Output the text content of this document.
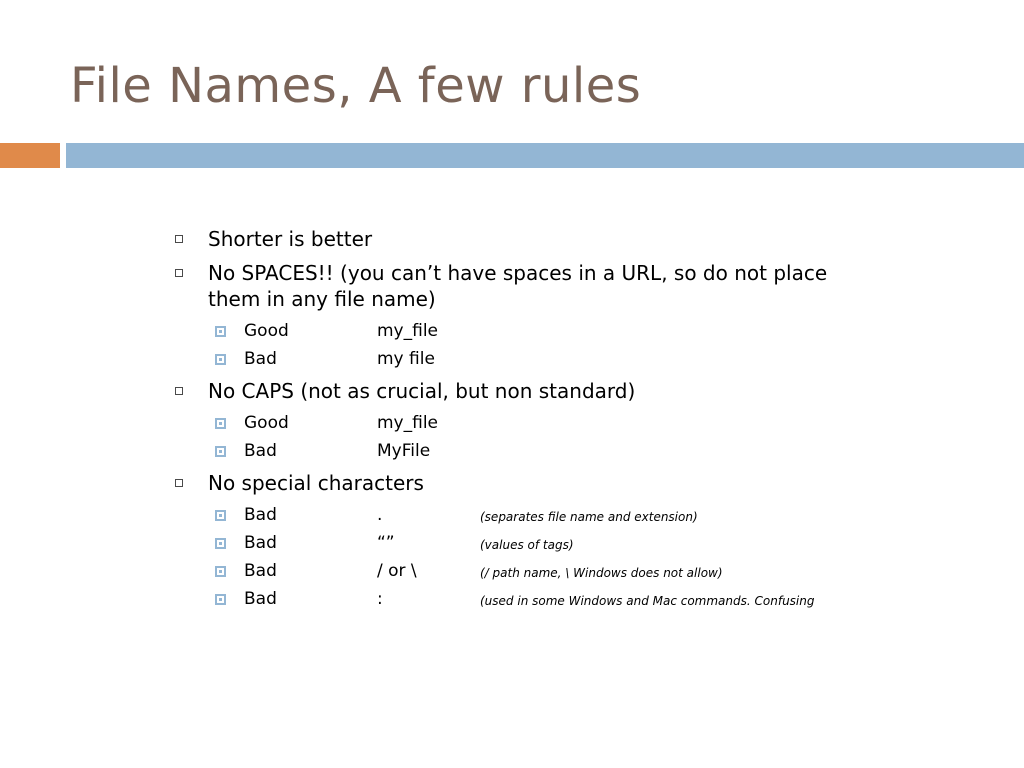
File Names, A few rules
Shorter is better
No SPACES!! (you can’t have spaces in a URL, so do not place them in any file name)
Good	my_file
Bad	my file
No CAPS (not as crucial, but non standard)
Good	my_file
Bad	MyFile
No special characters
Bad	.	(separates file name and extension)
Bad	“”	(values of tags)
Bad	/ or \	(/ path name, \ Windows does not allow)
Bad	:	(used in some Windows and Mac commands. Confusing
